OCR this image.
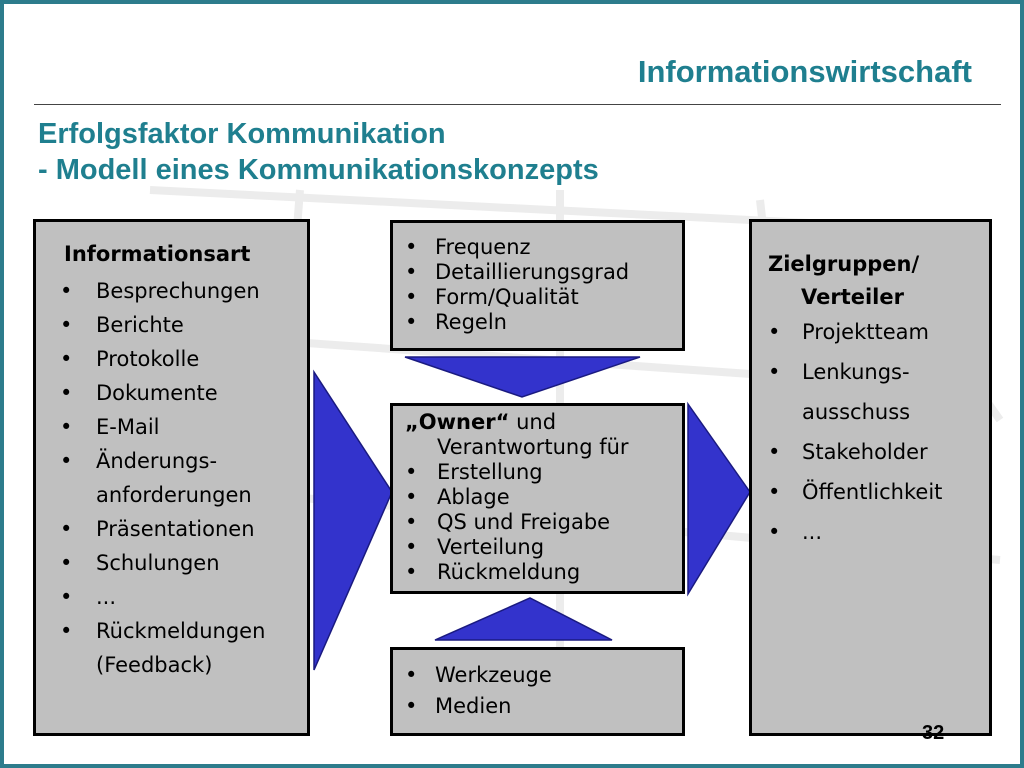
Informationswirtschaft
Erfolgsfaktor Kommunikation
- Modell eines Kommunikationskonzepts
Informationsart
• Besprechungen
• Berichte
• Protokolle
• Dokumente
• E-Mail
• Änderungs-
anforderungen
• Präsentationen
• Schulungen
• ...
• Rückmeldungen
(Feedback)
• Frequenz
• Detaillierungsgrad
• Form/Qualität
• Regeln
„Owner“ und
Verantwortung für
• Erstellung
• Ablage
• QS und Freigabe
• Verteilung
• Rückmeldung
• Werkzeuge
• Medien
Zielgruppen/
Verteiler
• Projektteam
• Lenkungs-
ausschuss
• Stakeholder
• Öffentlichkeit
• ...
32
